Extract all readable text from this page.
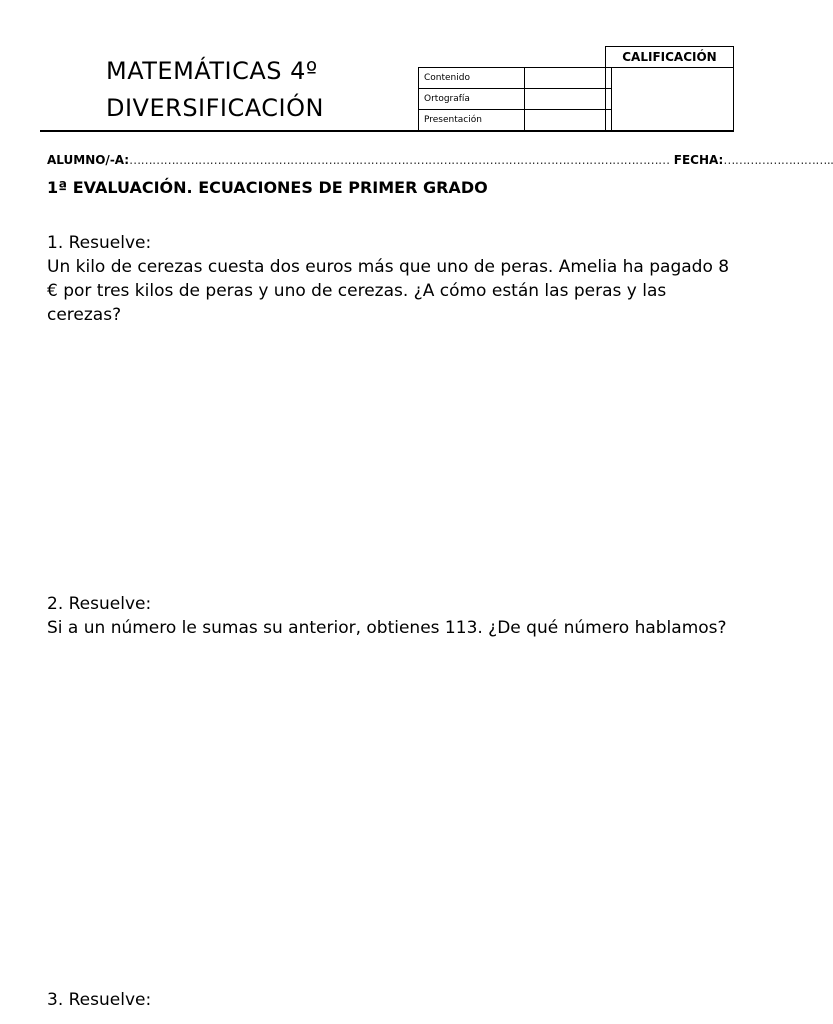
MATEMÁTICAS 4º
DIVERSIFICACIÓN
Contenido	
Ortografía	
Presentación	
CALIFICACIÓN

ALUMNO/-A:…………………………………………………………………………………………………………………………… FECHA:………………………..
1ª EVALUACIÓN. ECUACIONES DE PRIMER GRADO
1. Resuelve:
Un kilo de cerezas cuesta dos euros más que uno de peras. Amelia ha pagado 8 € por tres kilos de peras y uno de cerezas. ¿A cómo están las peras y las cerezas?
2. Resuelve:
Si a un número le sumas su anterior, obtienes 113. ¿De qué número hablamos?
3. Resuelve:
